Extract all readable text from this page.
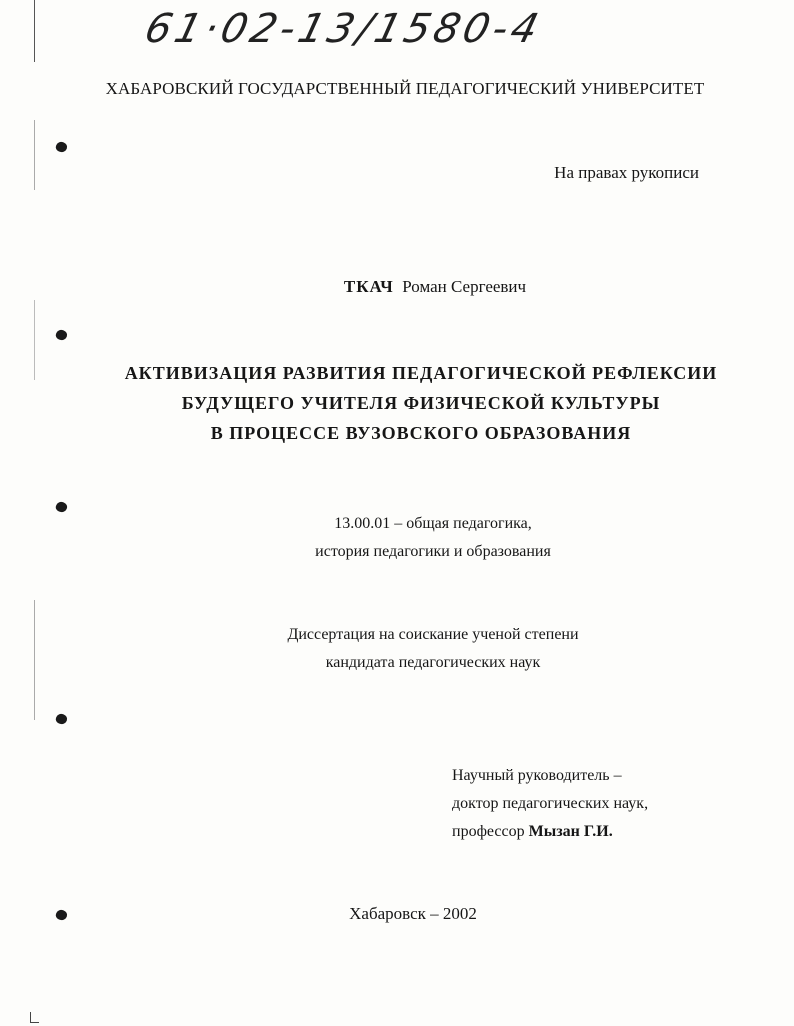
61·02-13/1580-4
ХАБАРОВСКИЙ ГОСУДАРСТВЕННЫЙ ПЕДАГОГИЧЕСКИЙ УНИВЕРСИТЕТ
На правах рукописи
ТКАЧ Роман Сергеевич
АКТИВИЗАЦИЯ РАЗВИТИЯ ПЕДАГОГИЧЕСКОЙ РЕФЛЕКСИИ
БУДУЩЕГО УЧИТЕЛЯ ФИЗИЧЕСКОЙ КУЛЬТУРЫ
В ПРОЦЕССЕ ВУЗОВСКОГО ОБРАЗОВАНИЯ
13.00.01 – общая педагогика,
история педагогики и образования
Диссертация на соискание ученой степени
кандидата педагогических наук
Научный руководитель –
доктор педагогических наук,
профессор Мызан Г.И.
Хабаровск – 2002
